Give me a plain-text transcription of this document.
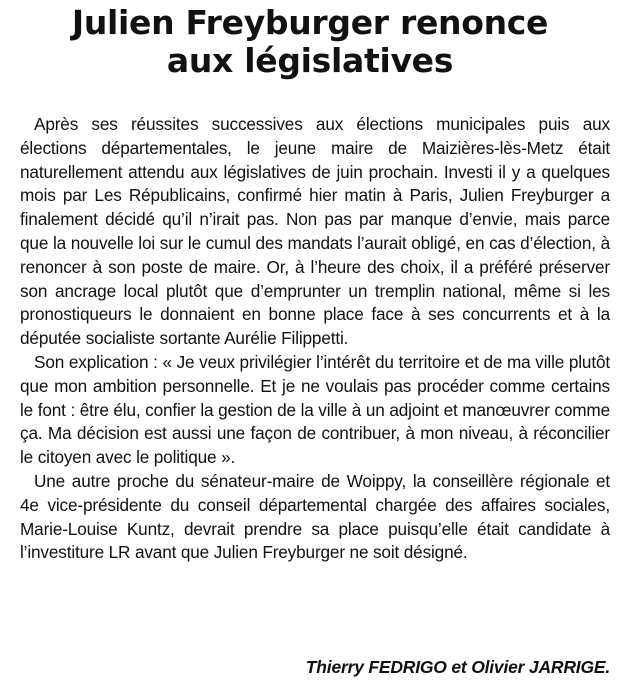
Julien Freyburger renonce
aux législatives

Après ses réussites successives aux élections municipales puis aux élections départementales, le jeune maire de Maizières-lès-Metz était naturellement attendu aux législatives de juin prochain. Investi il y a quelques mois par Les Républicains, confirmé hier matin à Paris, Julien Freyburger a finalement décidé qu’il n’irait pas. Non pas par manque d’envie, mais parce que la nouvelle loi sur le cumul des mandats l’aurait obligé, en cas d’élection, à renoncer à son poste de maire. Or, à l’heure des choix, il a préféré préserver son ancrage local plutôt que d’emprunter un tremplin national, même si les pronostiqueurs le donnaient en bonne place face à ses concurrents et à la députée socialiste sortante Aurélie Filippetti.

Son explication : « Je veux privilégier l’intérêt du territoire et de ma ville plutôt que mon ambition personnelle. Et je ne voulais pas procéder comme certains le font : être élu, confier la gestion de la ville à un adjoint et manœuvrer comme ça. Ma décision est aussi une façon de contribuer, à mon niveau, à réconcilier le citoyen avec le politique ».

Une autre proche du sénateur-maire de Woippy, la conseillère régionale et 4e vice-présidente du conseil départemental chargée des affaires sociales, Marie-Louise Kuntz, devrait prendre sa place puisqu’elle était candidate à l’investiture LR avant que Julien Freyburger ne soit désigné.

Thierry FEDRIGO et Olivier JARRIGE.
